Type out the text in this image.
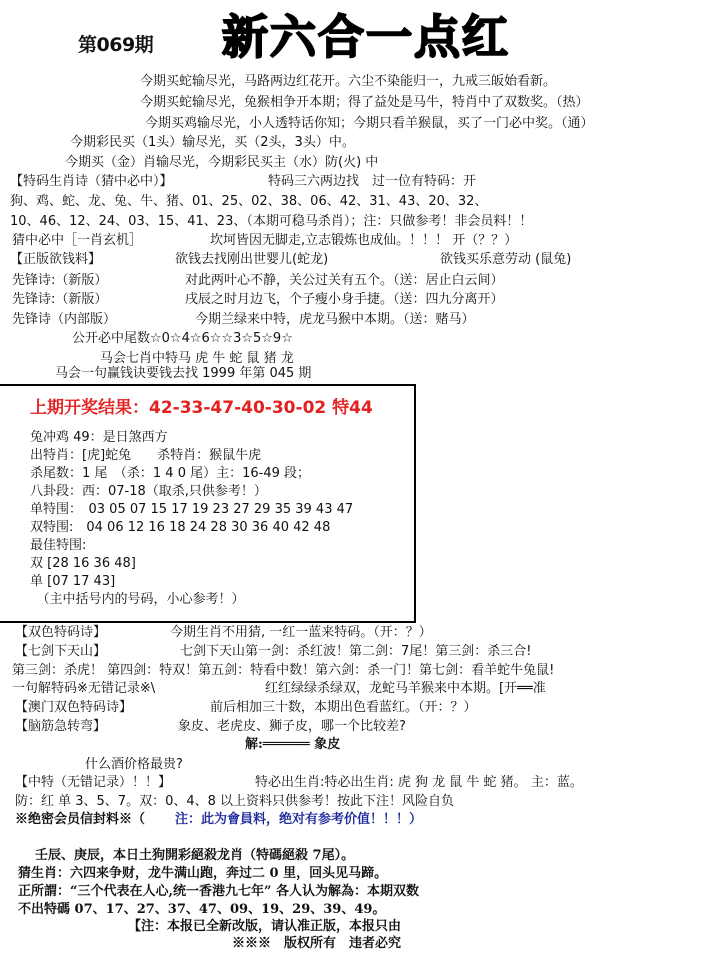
第069期 新六合一点红
上期开奖结果：42-33-47-40-30-02 特44
兔冲鸡 49：是日煞西方
出特肖：[虎]蛇兔　　杀特肖：猴鼠牛虎
杀尾数：1 尾　（杀：1 4 0 尾）主：16-49 段；
八卦段：西：07-18（取杀,只供参考！）
单特围：　03 05 07 15 17 19 23 27 29 35 39 43 47
双特围:　04 06 12 16 18 24 28 30 36 40 42 48
最佳特围:
双 [28 16 36 48]
单 [07 17 43]
　（主中括号内的号码，小心参考！）
今期买蛇输尽光，马路两边红花开。六尘不染能归一，九戒三皈始看新。
今期买蛇输尽光，兔猴相争开本期；得了益处是马牛，特肖中了双数奖。（热）
今期买鸡输尽光，小人透特话你知；今期只看羊猴鼠，买了一门必中奖。（通）
今期彩民买（1头）输尽光，买（2头，3头）中。
今期买（金）肖输尽光，今期彩民买主（水）防(火) 中
【特码生肖诗（猜中必中）】	特码三六两边找　过一位有特码：开
狗、鸡、蛇、龙、兔、牛、猪、01、25、02、38、06、42、31、43、20、32、
10、46、12、24、03、15、41、23、（本期可稳马杀肖）；注：只做参考！非会员料！！
猜中必中［一肖玄机］	坎坷皆因无脚走,立志锻炼也成仙。！！！ 开（？？）
【正版欲钱料】	欲钱去找刚出世婴儿(蛇龙)	欲钱买乐意劳动 (鼠兔)
先锋诗:（新版）	对此两叶心不静，关公过关有五个。（送：居止白云间）
先锋诗:（新版）	戌辰之时月边飞，个子瘦小身手捷。（送：四九分离开）
先锋诗（内部版）	今期兰绿来中特，虎龙马猴中本期。（送：赌马）
公开必中尾数☆0☆4☆6☆☆3☆5☆9☆
马会七肖中特马 虎 牛 蛇 鼠 猪 龙
马会一句赢钱诀要钱去找 1999 年第 045 期
【双色特码诗】	今期生肖不用猜, 一红一蓝来特码。（开：？）
【七剑下天山】	七剑下天山第一剑：杀红波！第二剑：7尾！第三剑：杀三合!
第三剑：杀虎！ 第四剑：特双！第五剑：特看中数！第六剑：杀一门！第七剑：看羊蛇牛兔鼠!
一句解特码※无错记录※\	红红绿绿杀绿双，龙蛇马羊猴来中本期。[开══准
【澳门双色特码诗】	前后相加三十数，本期出色看蓝红。（开：？）
【脑筋急转弯】	象皮、老虎皮、狮子皮，哪一个比较差?
解:══════ 象皮
什么酒价格最贵?
【中特（无错记录）！！】	特必出生肖:特必出生肖: 虎 狗 龙 鼠 牛 蛇 猪。 主：蓝。
防：红 单 3、5、7。双：0、4、8 以上资料只供参考！按此下注！风险自负
※绝密会员信封料※（ 注：此为會員料，绝对有参考价值！！！）
壬辰、庚辰，本日土狗開彩絕殺龙肖（特碼絕殺 7尾）。
猜生肖：六四来争财，龙牛满山跑，奔过二 0 里，回头见马蹄。
正所謂：“三个代表在人心,统一香港九七年” 各人认为解為：本期双数
不出特碼 07、17、27、37、47、09、19、29、39、49。
【注：本报已全新改版，请认准正版，本报只由
※※※　版权所有　违者必究
